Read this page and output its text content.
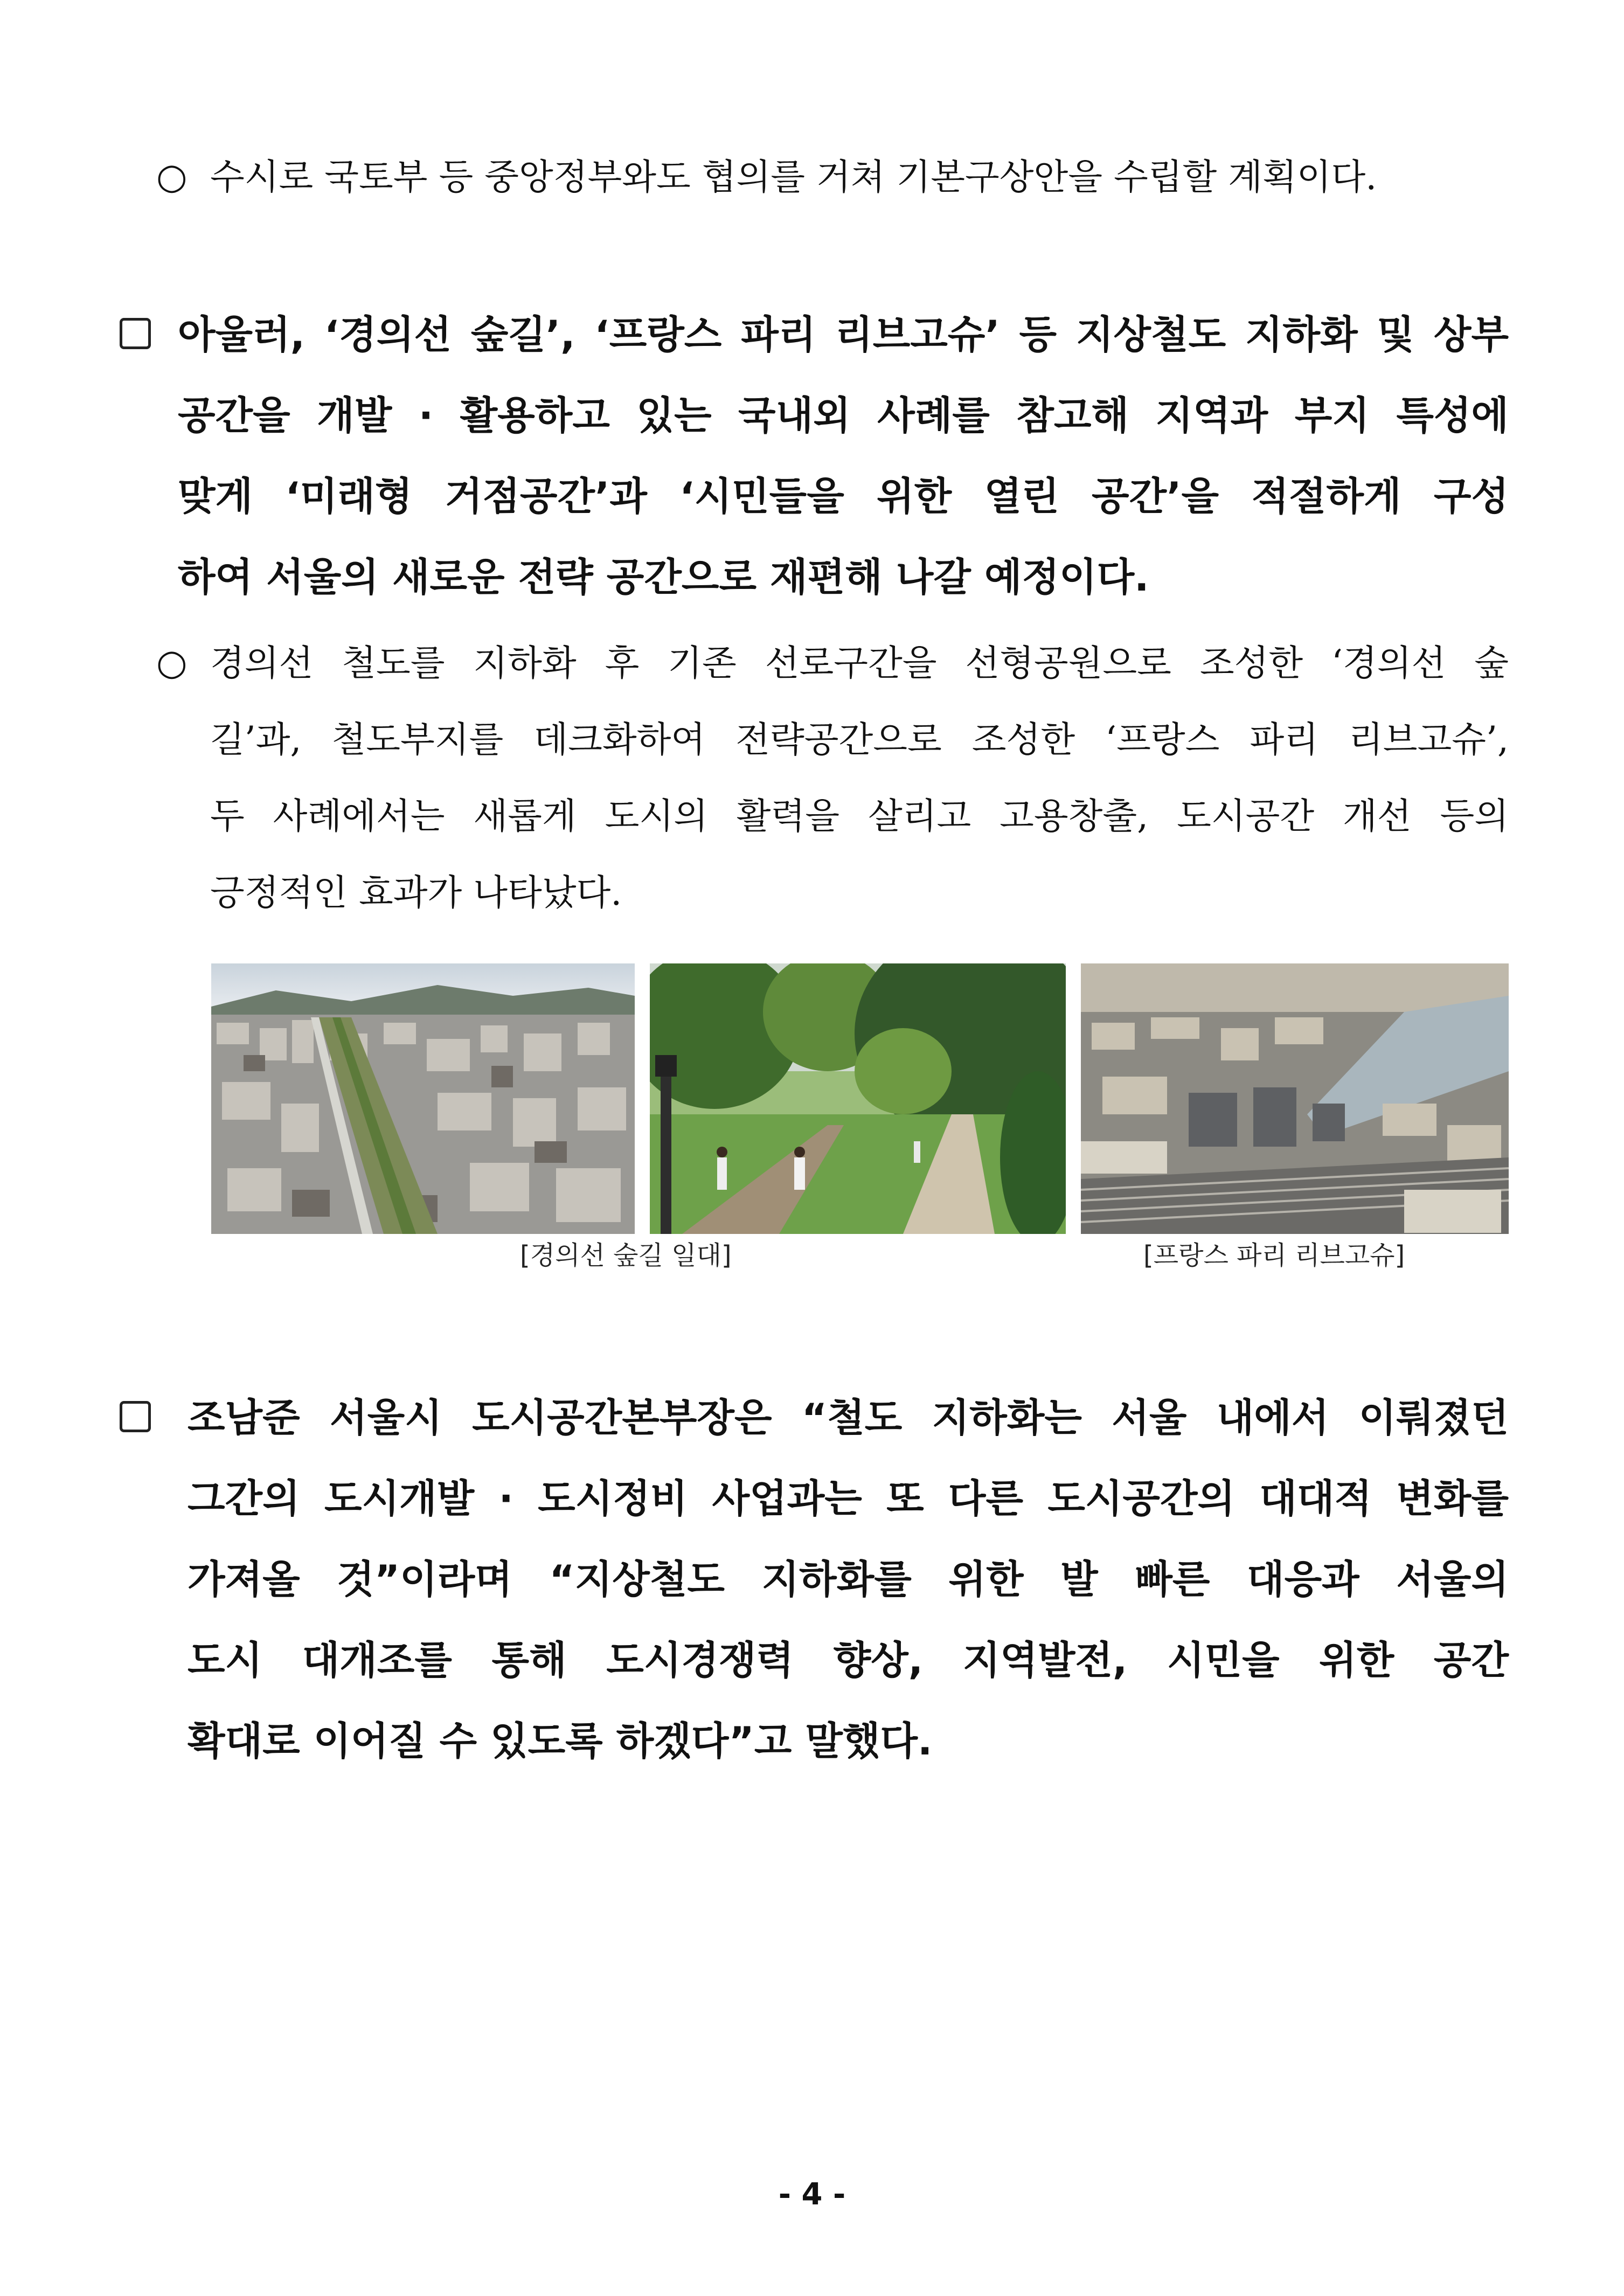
○ 수시로 국토부 등 중앙정부와도 협의를 거쳐 기본구상안을 수립할 계획이다.
아울러, ‘경의선 숲길’, ‘프랑스 파리 리브고슈’ 등 지상철도 지하화 및 상부
공간을 개발 · 활용하고 있는 국내외 사례를 참고해 지역과 부지 특성에
맞게 ‘미래형 거점공간’과 ‘시민들을 위한 열린 공간’을 적절하게 구성
하여 서울의 새로운 전략 공간으로 재편해 나갈 예정이다.
○ 경의선 철도를 지하화 후 기존 선로구간을 선형공원으로 조성한 ‘경의선 숲
길’과, 철도부지를 데크화하여 전략공간으로 조성한 ‘프랑스 파리 리브고슈’,
두 사례에서는 새롭게 도시의 활력을 살리고 고용창출, 도시공간 개선 등의
긍정적인 효과가 나타났다.
[경의선 숲길 일대]	[프랑스 파리 리브고슈]
조남준 서울시 도시공간본부장은 “철도 지하화는 서울 내에서 이뤄졌던
그간의 도시개발 · 도시정비 사업과는 또 다른 도시공간의 대대적 변화를
가져올 것”이라며 “지상철도 지하화를 위한 발 빠른 대응과 서울의
도시 대개조를 통해 도시경쟁력 향상, 지역발전, 시민을 위한 공간
확대로 이어질 수 있도록 하겠다”고 말했다.
- 4 -
